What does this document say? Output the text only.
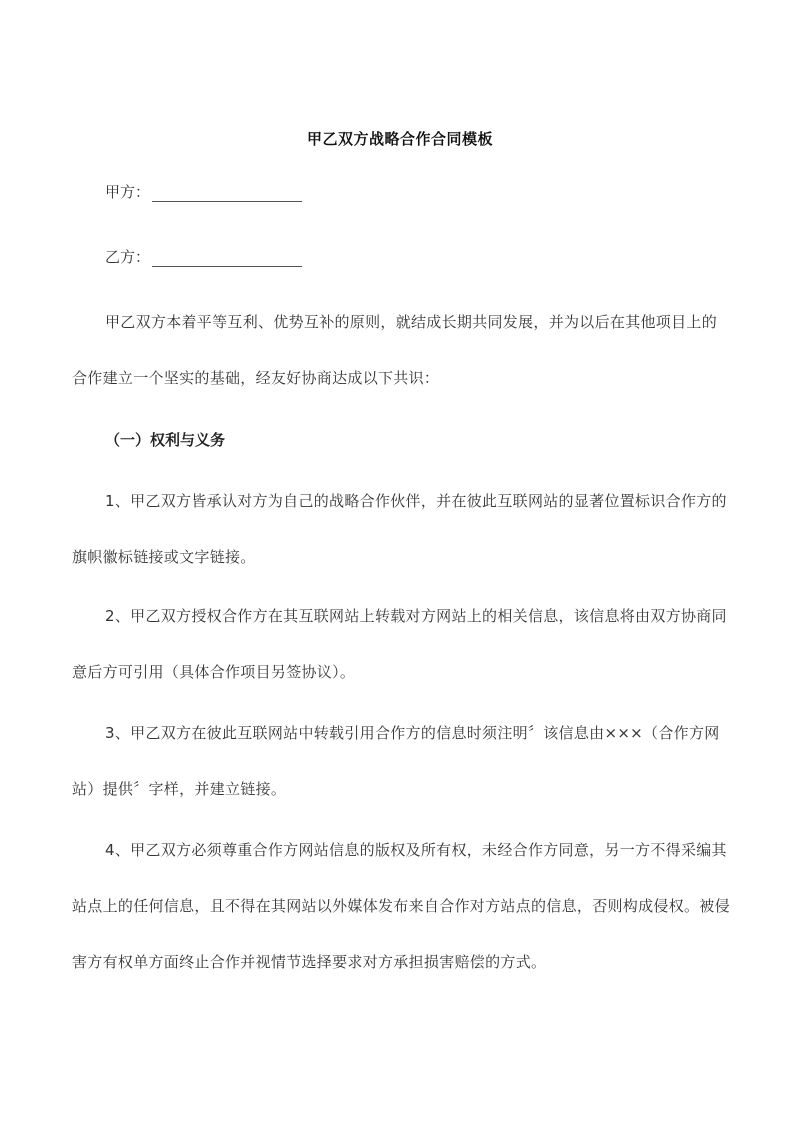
甲乙双方战略合作合同模板
甲方：
乙方：
甲乙双方本着平等互利、优势互补的原则，就结成长期共同发展，并为以后在其他项目上的合作建立一个坚实的基础，经友好协商达成以下共识：
（一）权利与义务
1、甲乙双方皆承认对方为自己的战略合作伙伴，并在彼此互联网站的显著位置标识合作方的旗帜徽标链接或文字链接。
2、甲乙双方授权合作方在其互联网站上转载对方网站上的相关信息，该信息将由双方协商同意后方可引用（具体合作项目另签协议）。
3、甲乙双方在彼此互联网站中转载引用合作方的信息时须注明〞该信息由×××（合作方网站）提供〞字样，并建立链接。
4、甲乙双方必须尊重合作方网站信息的版权及所有权，未经合作方同意，另一方不得采编其站点上的任何信息，且不得在其网站以外媒体发布来自合作对方站点的信息，否则构成侵权。被侵害方有权单方面终止合作并视情节选择要求对方承担损害赔偿的方式。
